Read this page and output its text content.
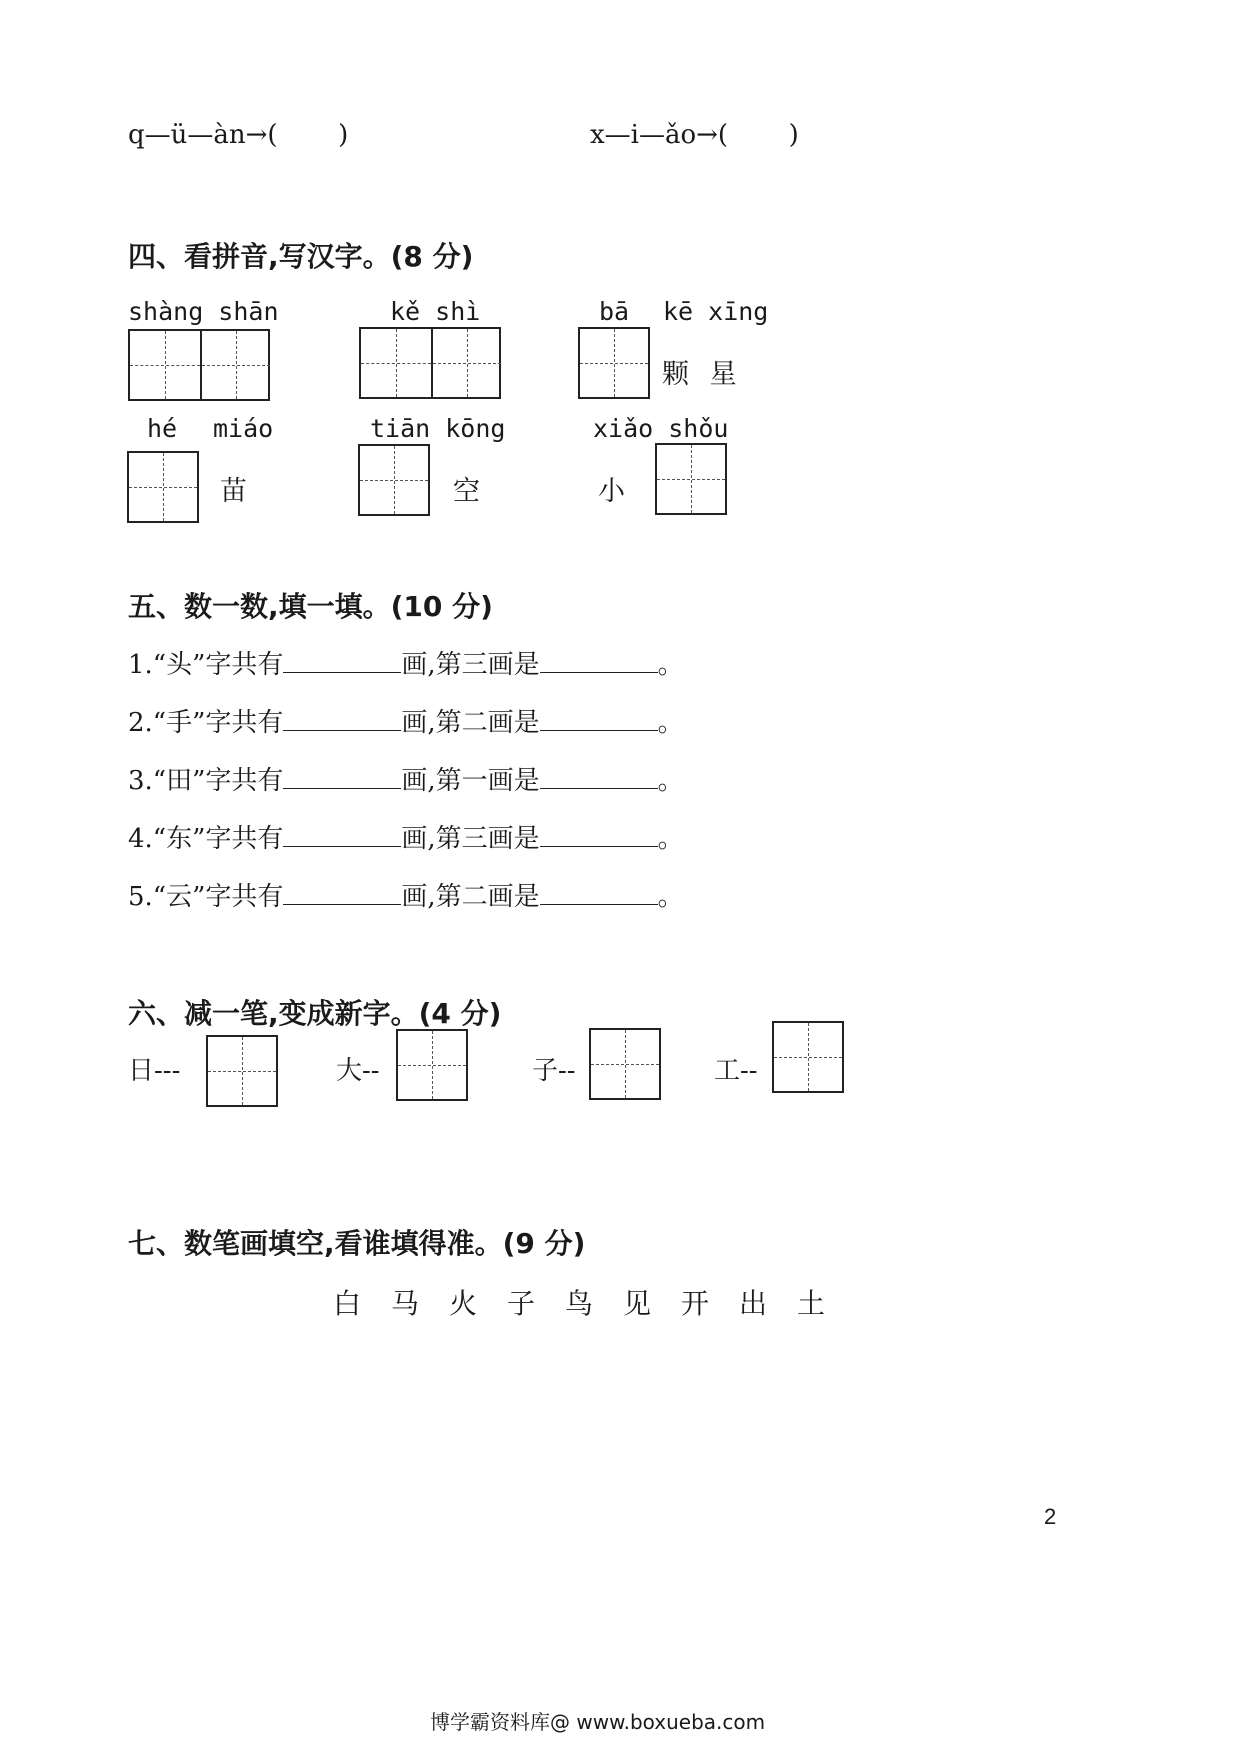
q—ü—àn→( )	x—i—ǎo→( )
四、看拼音,写汉字。(8 分)
shàng shān	kě shì	bā kē xīng
颗 星
hé miáo
苗
tiān kōng
空
xiǎo shǒu
小
五、数一数,填一填。(10 分)
1.“头”字共有	画,第三画是	。
2.“手”字共有	画,第二画是	。
3.“田”字共有	画,第一画是	。
4.“东”字共有	画,第三画是	。
5.“云”字共有	画,第二画是	。
六、减一笔,变成新字。(4 分)
日---	大--	子--	工--
七、数笔画填空,看谁填得准。(9 分)
白 马 火 子 鸟 见 开 出 土
2
博学霸资料库@ www.boxueba.com
